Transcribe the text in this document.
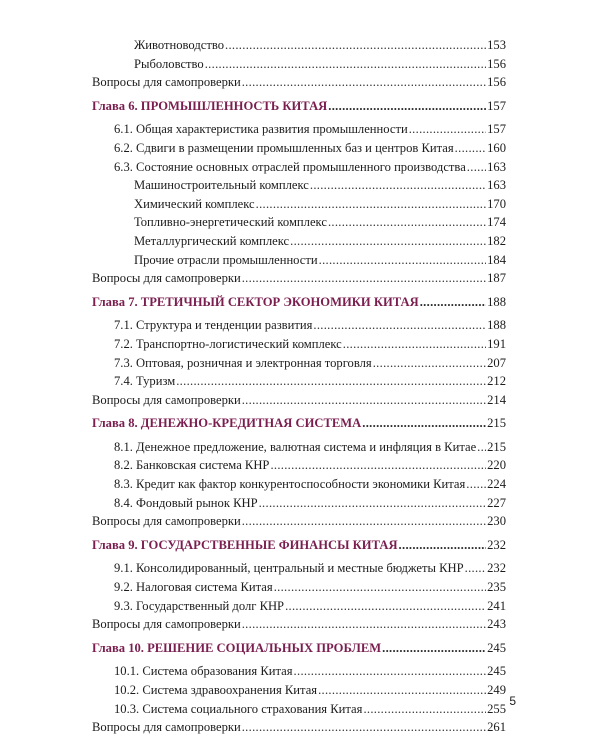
Животноводство .....	153
Рыболовство .....	156
Вопросы для самопроверки .....	156
Глава 6. ПРОМЫШЛЕННОСТЬ КИТАЯ .....	157
6.1. Общая характеристика развития промышленности .....	157
6.2. Сдвиги в размещении промышленных баз и центров Китая .....	160
6.3. Состояние основных отраслей промышленного производства ..... 163
Машиностроительный комплекс .....	163
Химический комплекс .....	170
Топливно-энергетический комплекс .....	174
Металлургический комплекс .....	182
Прочие отрасли промышленности .....	184
Вопросы для самопроверки .....	187
Глава 7. ТРЕТИЧНЫЙ СЕКТОР ЭКОНОМИКИ КИТАЯ .....	188
7.1. Структура и тенденции развития .....	188
7.2. Транспортно-логистический комплекс .....	191
7.3. Оптовая, розничная и электронная торговля .....	207
7.4. Туризм .....	212
Вопросы для самопроверки .....	214
Глава 8. ДЕНЕЖНО-КРЕДИТНАЯ СИСТЕМА .....	215
8.1. Денежное предложение, валютная система и инфляция в Китае ..... 215
8.2. Банковская система КНР .....	220
8.3. Кредит как фактор конкурентоспособности экономики Китая ..... 224
8.4. Фондовый рынок КНР .....	227
Вопросы для самопроверки .....	230
Глава 9. ГОСУДАРСТВЕННЫЕ ФИНАНСЫ КИТАЯ .....	232
9.1. Консолидированный, центральный и местные бюджеты КНР ..... 232
9.2. Налоговая система Китая .....	235
9.3. Государственный долг КНР .....	241
Вопросы для самопроверки .....	243
Глава 10. РЕШЕНИЕ СОЦИАЛЬНЫХ ПРОБЛЕМ .....	245
10.1. Система образования Китая .....	245
10.2. Система здравоохранения Китая .....	249
10.3. Система социального страхования Китая .....	255
Вопросы для самопроверки .....	261
5
